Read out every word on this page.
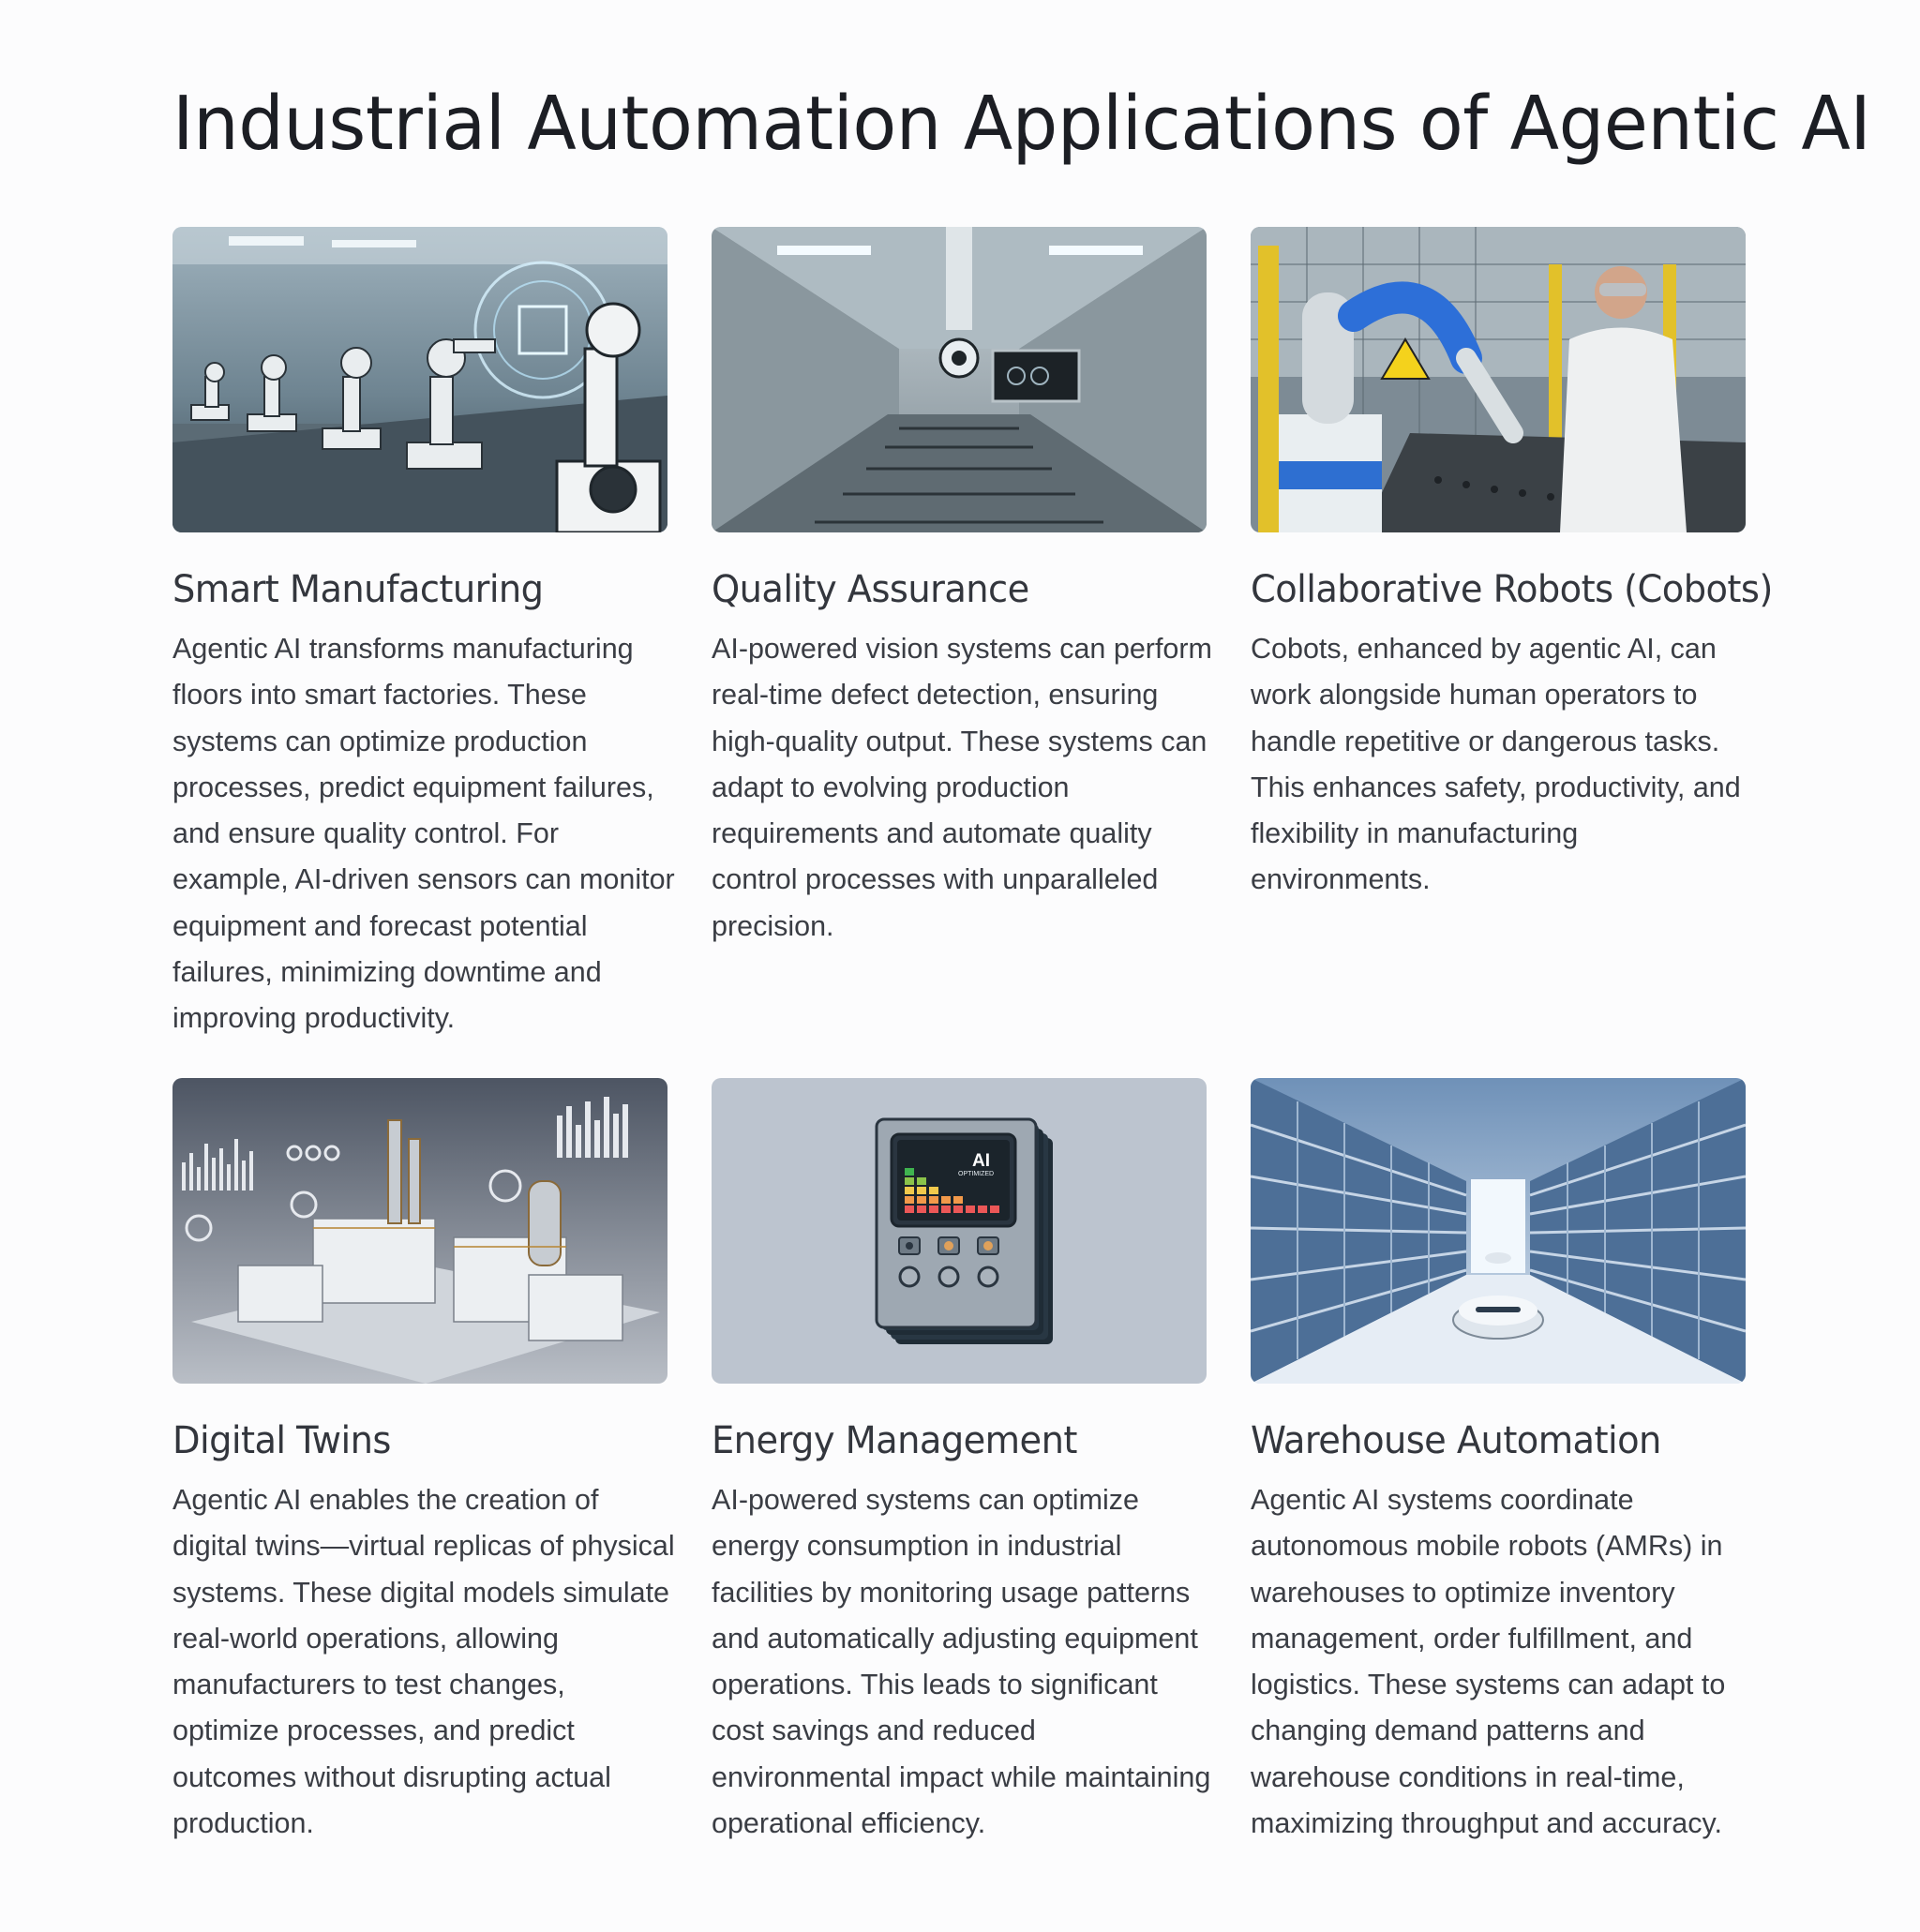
Industrial Automation Applications of Agentic AI
Smart Manufacturing

Agentic AI transforms manufacturing floors into smart factories. These systems can optimize production processes, predict equipment failures, and ensure quality control. For example, AI-driven sensors can monitor equipment and forecast potential failures, minimizing downtime and improving productivity.

Quality Assurance

AI-powered vision systems can perform real-time defect detection, ensuring high-quality output. These systems can adapt to evolving production requirements and automate quality control processes with unparalleled precision.

Collaborative Robots (Cobots)

Cobots, enhanced by agentic AI, can work alongside human operators to handle repetitive or dangerous tasks. This enhances safety, productivity, and flexibility in manufacturing environments.

Digital Twins

Agentic AI enables the creation of digital twins—virtual replicas of physical systems. These digital models simulate real-world operations, allowing manufacturers to test changes, optimize processes, and predict outcomes without disrupting actual production.

AI
OPTIMIZED
Energy Management

AI-powered systems can optimize energy consumption in industrial facilities by monitoring usage patterns and automatically adjusting equipment operations. This leads to significant cost savings and reduced environmental impact while maintaining operational efficiency.

Warehouse Automation

Agentic AI systems coordinate autonomous mobile robots (AMRs) in warehouses to optimize inventory management, order fulfillment, and logistics. These systems can adapt to changing demand patterns and warehouse conditions in real-time, maximizing throughput and accuracy.
